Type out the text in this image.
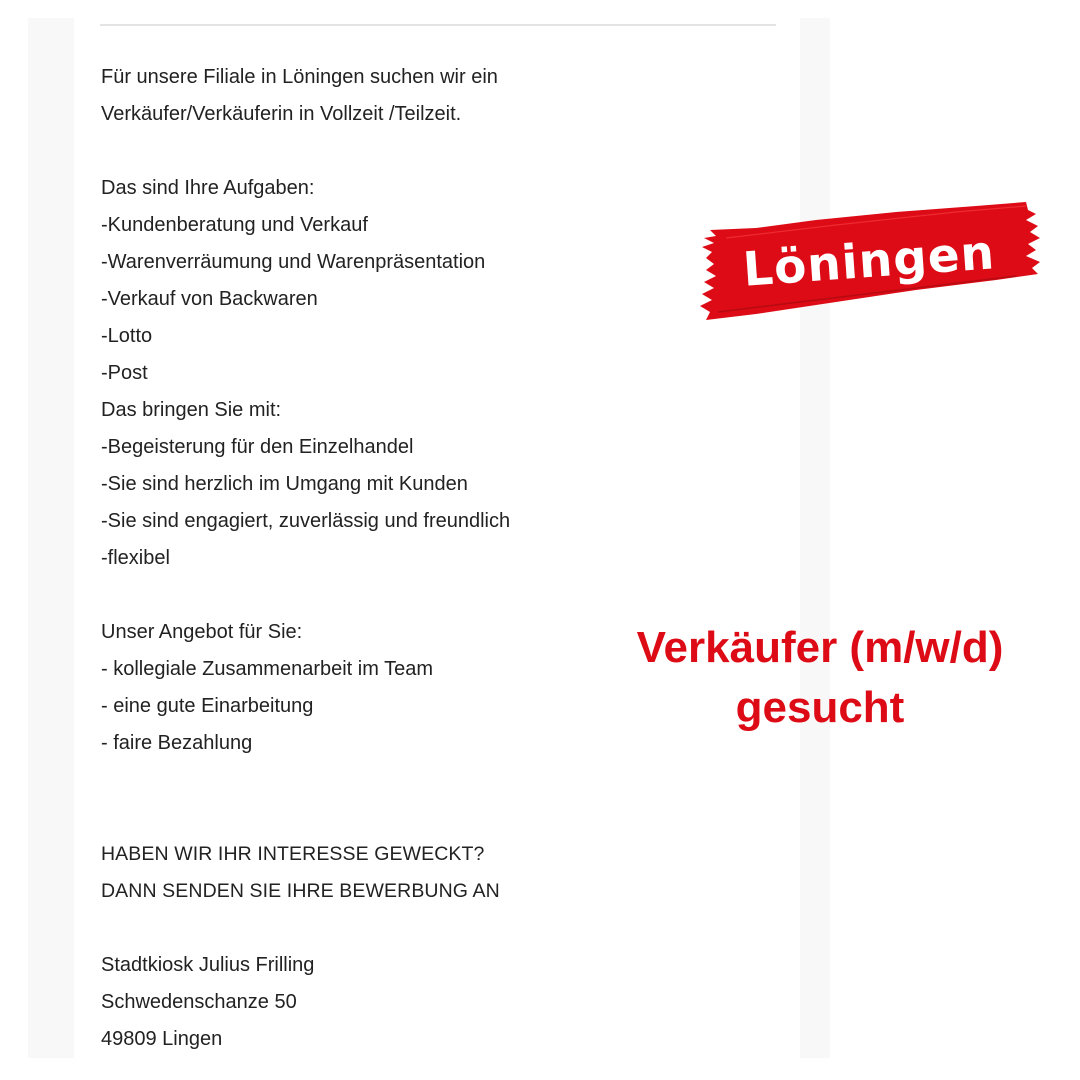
Für unsere Filiale in Löningen suchen wir ein
Verkäufer/Verkäuferin in Vollzeit /Teilzeit.
Das sind Ihre Aufgaben:
-Kundenberatung und Verkauf
-Warenverräumung und Warenpräsentation
-Verkauf von Backwaren
-Lotto
-Post
Das bringen Sie mit:
-Begeisterung für den Einzelhandel
-Sie sind herzlich im Umgang mit Kunden
-Sie sind engagiert, zuverlässig und freundlich
-flexibel
Unser Angebot für Sie:
- kollegiale Zusammenarbeit im Team
- eine gute Einarbeitung
- faire Bezahlung
HABEN WIR IHR INTERESSE GEWECKT?
DANN SENDEN SIE IHRE BEWERBUNG AN
Stadtkiosk Julius Frilling
Schwedenschanze 50
49809 Lingen
Löningen
Verkäufer (m/w/d)
gesucht
